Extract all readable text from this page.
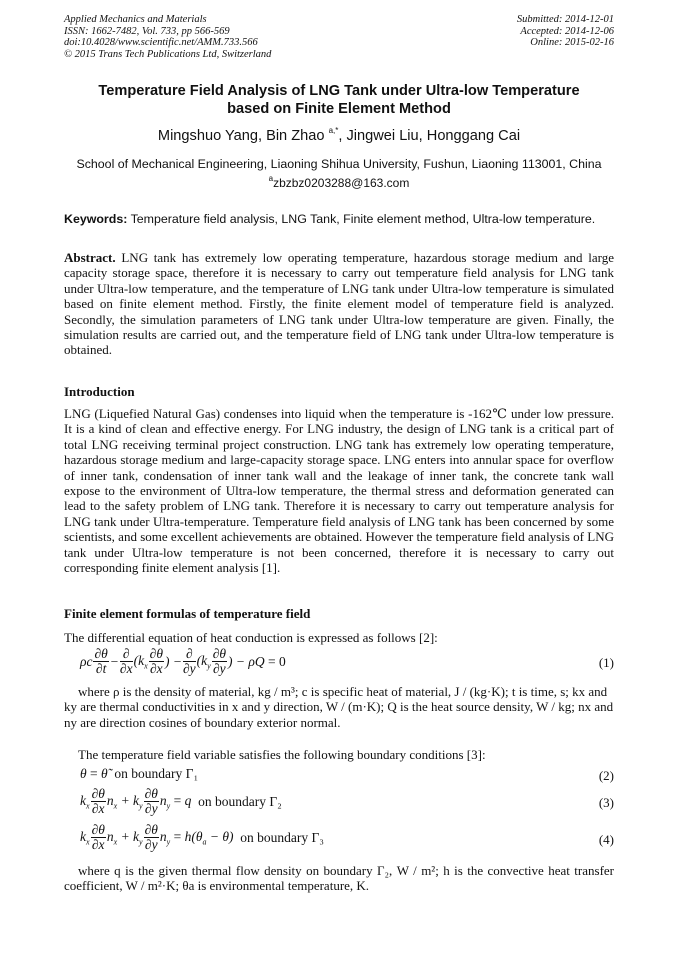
Applied Mechanics and Materials
ISSN: 1662-7482, Vol. 733, pp 566-569
doi:10.4028/www.scientific.net/AMM.733.566
© 2015 Trans Tech Publications Ltd, Switzerland
Submitted: 2014-12-01
Accepted: 2014-12-06
Online: 2015-02-16
Temperature Field Analysis of LNG Tank under Ultra-low Temperature
based on Finite Element Method
Mingshuo Yang, Bin Zhao $^{a,*}$, Jingwei Liu, Honggang Cai
School of Mechanical Engineering, Liaoning Shihua University, Fushun, Liaoning 113001, China
$^a$zbzbz0203288@163.com
Keywords: Temperature field analysis, LNG Tank, Finite element method, Ultra-low temperature.
Abstract. LNG tank has extremely low operating temperature, hazardous storage medium and large capacity storage space, therefore it is necessary to carry out temperature field analysis for LNG tank under Ultra-low temperature, and the temperature of LNG tank under Ultra-low temperature is simulated based on finite element method. Firstly, the finite element model of temperature field is analyzed. Secondly, the simulation parameters of LNG tank under Ultra-low temperature are given. Finally, the simulation results are carried out, and the temperature field of LNG tank under Ultra-low temperature is obtained.
Introduction
LNG (Liquefied Natural Gas) condenses into liquid when the temperature is -162℃ under low pressure. It is a kind of clean and effective energy. For LNG industry, the design of LNG tank is a critical part of total LNG receiving terminal project construction. LNG tank has extremely low operating temperature, hazardous storage medium and large-capacity storage space. LNG enters into annular space for overflow of inner tank, condensation of inner tank wall and the leakage of inner tank, the concrete tank wall expose to the environment of Ultra-low temperature, the thermal stress and deformation generated can lead to the safety problem of LNG tank. Therefore it is necessary to carry out temperature analysis for LNG tank under Ultra-temperature. Temperature field analysis of LNG tank has been concerned by some scientists, and some excellent achievements are obtained. However the temperature field analysis of LNG tank under Ultra-low temperature is not been concerned, therefore it is necessary to carry out corresponding finite element analysis [1].
Finite element formulas of temperature field
The differential equation of heat conduction is expressed as follows [2]:
ρc $\frac{\partial\theta}{\partial t} - \frac{\partial}{\partial x} (k_x \frac{\partial\theta}{\partial x}$ ) − $\frac{\partial}{\partial y} (k_y \frac{\partial\theta}{\partial y}$ ) − ρQ = 0	(1)
where ρ is the density of material, kg / m³; c is specific heat of material, J / (kg·K); t is time, s; kx and ky are thermal conductivities in x and y direction, W / (m·K); Q is the heat source density, W / kg; nx and ny are direction cosines of boundary exterior normal.
The temperature field variable satisfies the following boundary conditions [3]:
θ = θ̃ on boundary Γ₁	(2)
$k_x \frac{\partial\theta}{\partial x} n_x + k_y \frac{\partial\theta}{\partial y} n_y = q$ on boundary Γ₂	(3)
$k_x \frac{\partial\theta}{\partial x} n_x + k_y \frac{\partial\theta}{\partial y} n_y = h(\theta_a - \theta)$ on boundary Γ₃	(4)
where q is the given thermal flow density on boundary Γ₂, W / m²; h is the convective heat transfer coefficient, W / m²·K; θa is environmental temperature, K.
